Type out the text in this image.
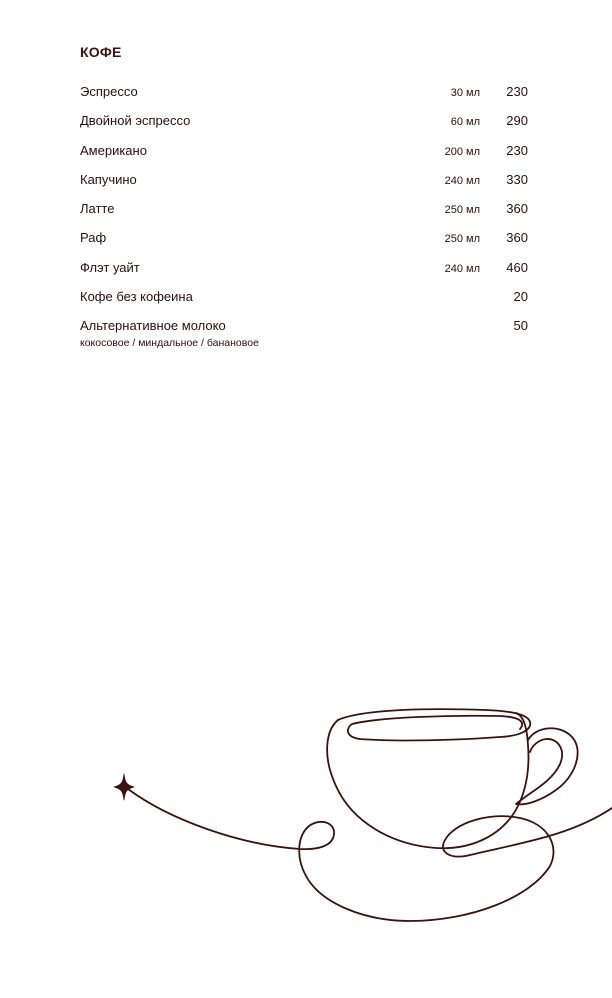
КОФЕ
Эспрессо	30 мл 230
Двойной эспрессо	60 мл 290
Американо	200 мл 230
Капучино	240 мл 330
Латте	250 мл 360
Раф	250 мл 360
Флэт уайт	240 мл 460
Кофе без кофеина	20
Альтернативное молоко	50
кокосовое / миндальное / банановое
